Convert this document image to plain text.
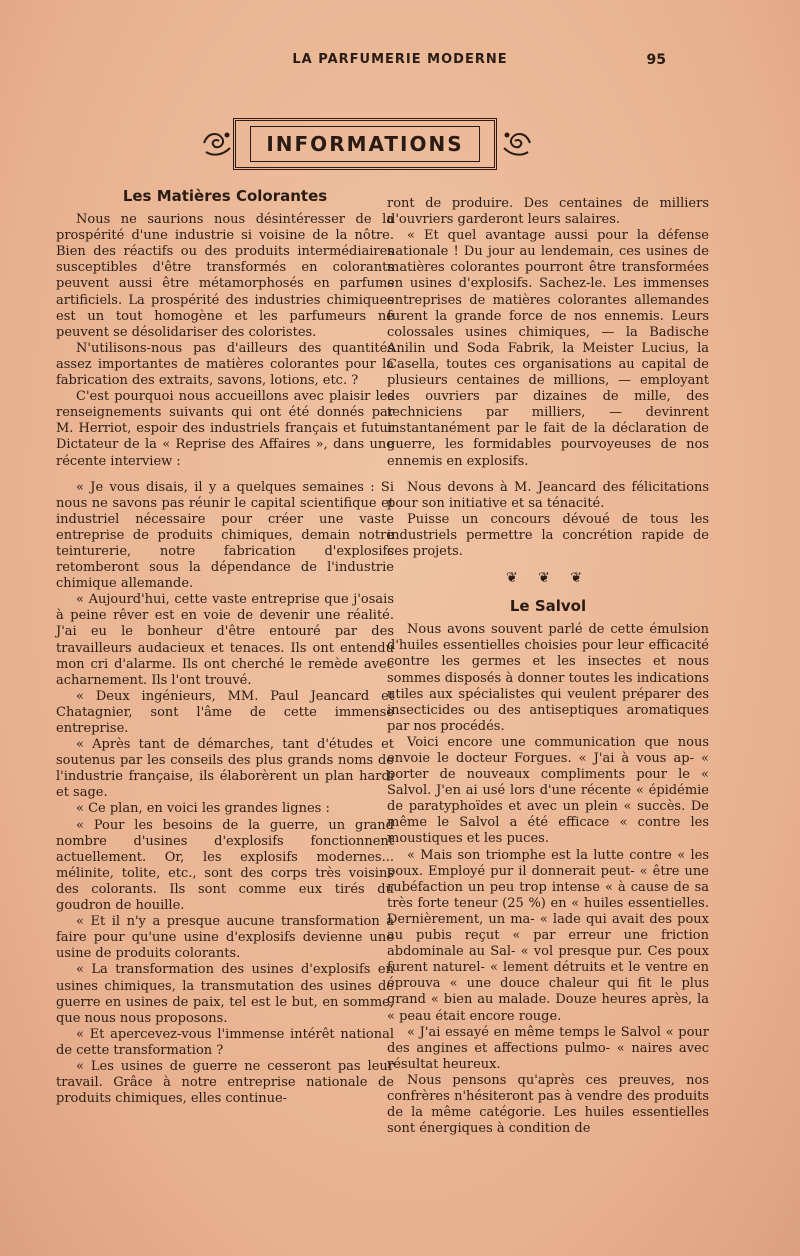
LA PARFUMERIE MODERNE	95
INFORMATIONS
Les Matières Colorantes

Nous ne saurions nous désintéresser de la prospérité d'une industrie si voisine de la nôtre. Bien des réactifs ou des produits intermédiaires susceptibles d'être transformés en colorants peuvent aussi être métamorphosés en parfums artificiels. La prospérité des industries chimiques est un tout homogène et les parfumeurs ne peuvent se désolidariser des coloristes.

N'utilisons-nous pas d'ailleurs des quantités assez importantes de matières colorantes pour la fabrication des extraits, savons, lotions, etc. ?

C'est pourquoi nous accueillons avec plaisir les renseignements suivants qui ont été donnés par M. Herriot, espoir des industriels français et futur Dictateur de la « Reprise des Affaires », dans une récente interview :

« Je vous disais, il y a quelques semaines : Si nous ne savons pas réunir le capital scientifique et industriel nécessaire pour créer une vaste entreprise de produits chimiques, demain notre teinturerie, notre fabrication d'explosifs retomberont sous la dépendance de l'industrie chimique allemande.

« Aujourd'hui, cette vaste entreprise que j'osais à peine rêver est en voie de devenir une réalité. J'ai eu le bonheur d'être entouré par des travailleurs audacieux et tenaces. Ils ont entendu mon cri d'alarme. Ils ont cherché le remède avec acharnement. Ils l'ont trouvé.

« Deux ingénieurs, MM. Paul Jeancard et Chatagnier, sont l'âme de cette immense entreprise.

« Après tant de démarches, tant d'études et soutenus par les conseils des plus grands noms de l'industrie française, ils élaborèrent un plan hardi et sage.

« Ce plan, en voici les grandes lignes :

« Pour les besoins de la guerre, un grand nombre d'usines d'explosifs fonctionnent actuellement. Or, les explosifs modernes... mélinite, tolite, etc., sont des corps très voisins des colorants. Ils sont comme eux tirés du goudron de houille.

« Et il n'y a presque aucune transformation à faire pour qu'une usine d'explosifs devienne une usine de produits colorants.

« La transformation des usines d'explosifs en usines chimiques, la transmutation des usines de guerre en usines de paix, tel est le but, en somme, que nous nous proposons.

« Et apercevez-vous l'immense intérêt national de cette transformation ?

« Les usines de guerre ne cesseront pas leur travail. Grâce à notre entreprise nationale de produits chimiques, elles continue-

ront de produire. Des centaines de milliers d'ouvriers garderont leurs salaires.

« Et quel avantage aussi pour la défense nationale ! Du jour au lendemain, ces usines de matières colorantes pourront être transformées en usines d'explosifs. Sachez-le. Les immenses entreprises de matières colorantes allemandes furent la grande force de nos ennemis. Leurs colossales usines chimiques, — la Badische Anilin und Soda Fabrik, la Meister Lucius, la Casella, toutes ces organisations au capital de plusieurs centaines de millions, — employant des ouvriers par dizaines de mille, des techniciens par milliers, — devinrent instantanément par le fait de la déclaration de guerre, les formidables pourvoyeuses de nos ennemis en explosifs.

Nous devons à M. Jeancard des félicitations pour son initiative et sa ténacité.

Puisse un concours dévoué de tous les industriels permettre la concrétion rapide de ces projets.

❦ ❦ ❦
Le Salvol

Nous avons souvent parlé de cette émulsion d'huiles essentielles choisies pour leur efficacité contre les germes et les insectes et nous sommes disposés à donner toutes les indications utiles aux spécialistes qui veulent préparer des insecticides ou des antiseptiques aromatiques par nos procédés.

Voici encore une communication que nous envoie le docteur Forgues. « J'ai à vous ap- « porter de nouveaux compliments pour le « Salvol. J'en ai usé lors d'une récente « épidémie de paratyphoïdes et avec un plein « succès. De même le Salvol a été efficace « contre les moustiques et les puces.

« Mais son triomphe est la lutte contre « les poux. Employé pur il donnerait peut- « être une rubéfaction un peu trop intense « à cause de sa très forte teneur (25 %) en « huiles essentielles. Dernièrement, un ma- « lade qui avait des poux au pubis reçut « par erreur une friction abdominale au Sal- « vol presque pur. Ces poux furent naturel- « lement détruits et le ventre en éprouva « une douce chaleur qui fit le plus grand « bien au malade. Douze heures après, la « peau était encore rouge.

« J'ai essayé en même temps le Salvol « pour des angines et affections pulmo- « naires avec résultat heureux.

Nous pensons qu'après ces preuves, nos confrères n'hésiteront pas à vendre des produits de la même catégorie. Les huiles essentielles sont énergiques à condition de
